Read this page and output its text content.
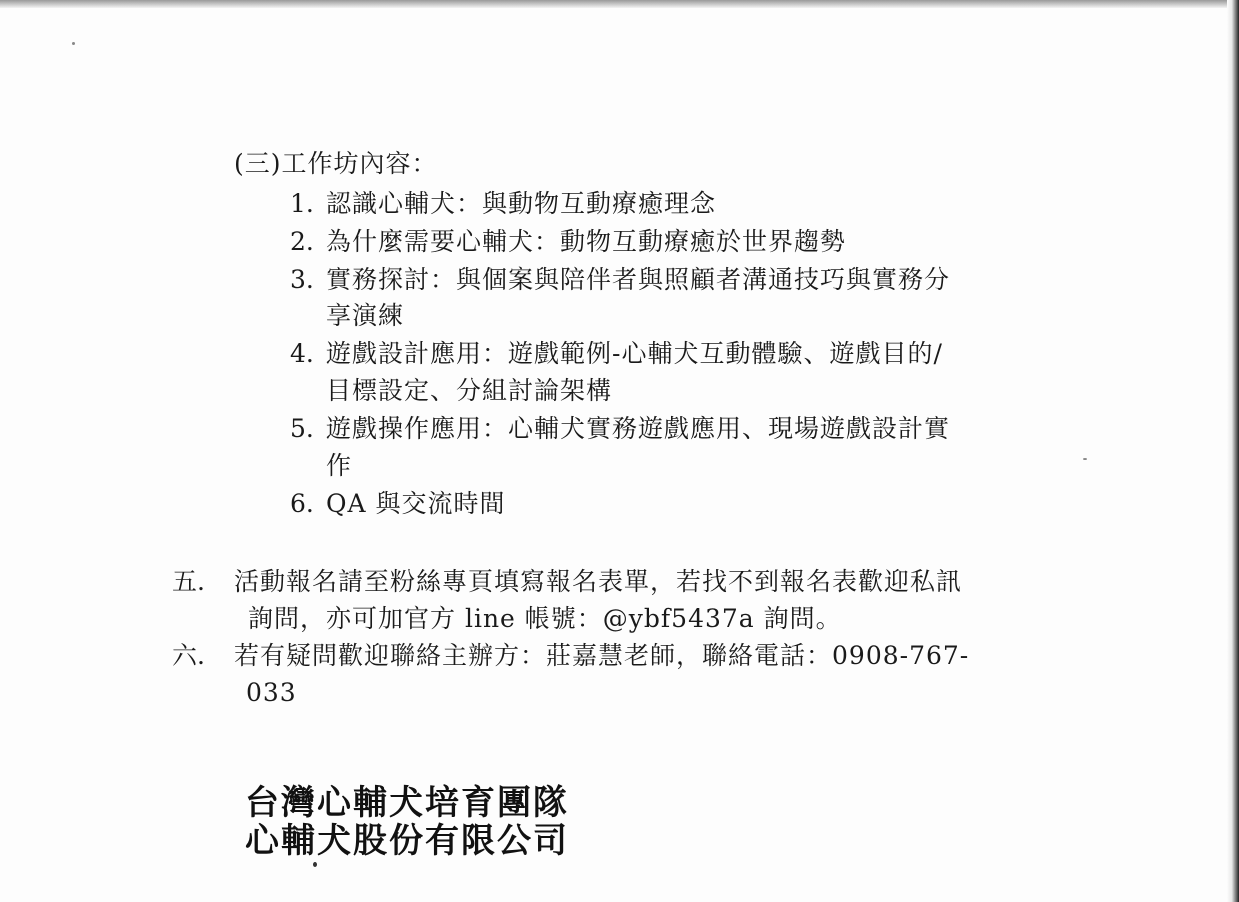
(三)工作坊內容：
1. 認識心輔犬：與動物互動療癒理念
2. 為什麼需要心輔犬：動物互動療癒於世界趨勢
3. 實務探討：與個案與陪伴者與照顧者溝通技巧與實務分
享演練
4. 遊戲設計應用：遊戲範例-心輔犬互動體驗、遊戲目的/
目標設定、分組討論架構
5. 遊戲操作應用：心輔犬實務遊戲應用、現場遊戲設計實
作
6. QA 與交流時間
五. 活動報名請至粉絲專頁填寫報名表單，若找不到報名表歡迎私訊
詢問，亦可加官方 line 帳號：@ybf5437a 詢問。
六. 若有疑問歡迎聯絡主辦方：莊嘉慧老師，聯絡電話：0908-767-
033
台灣心輔犬培育團隊
心輔犬股份有限公司
